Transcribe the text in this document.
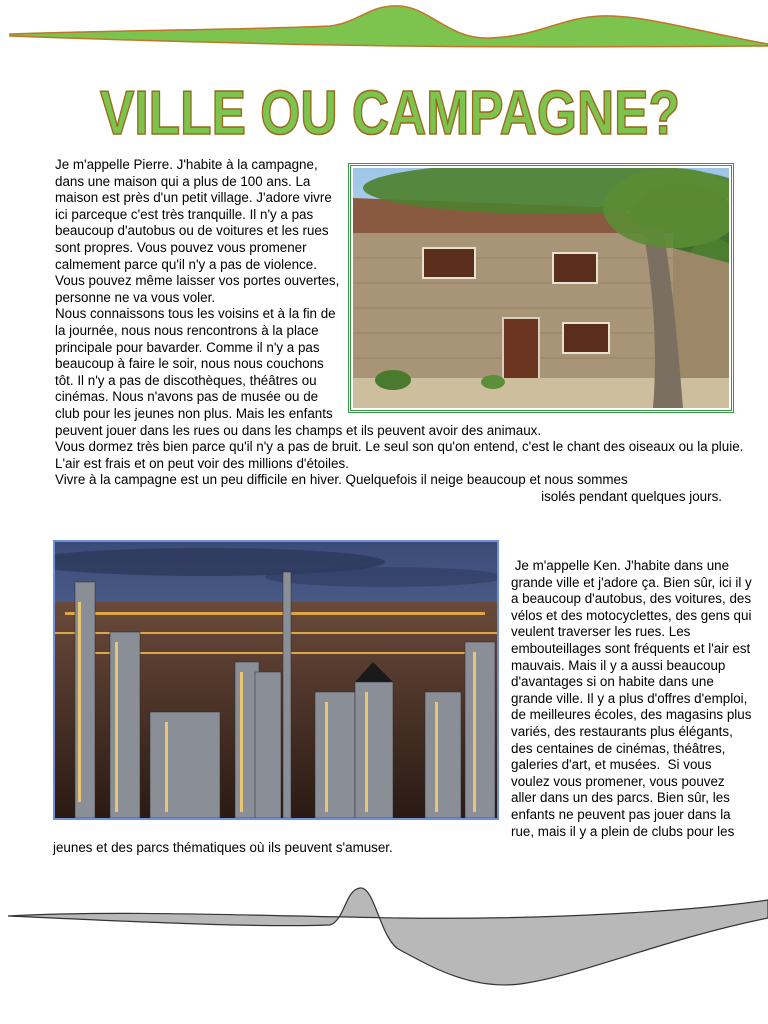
VILLE OU CAMPAGNE?

Je m'appelle Pierre. J'habite à la campagne, dans une maison qui a plus de 100 ans. La maison est près d'un petit village. J'adore vivre ici parceque c'est très tranquille. Il n'y a pas beaucoup d'autobus ou de voitures et les rues sont propres. Vous pouvez vous promener calmement parce qu'il n'y a pas de violence. Vous pouvez même laisser vos portes ouvertes, personne ne va vous voler.

Nous connaissons tous les voisins et à la fin de la journée, nous nous rencontrons à la place principale pour bavarder. Comme il n'y a pas beaucoup à faire le soir, nous nous couchons tôt. Il n'y a pas de discothèques, théâtres ou cinémas. Nous n'avons pas de musée ou de club pour les jeunes non plus. Mais les enfants peuvent jouer dans les rues ou dans les champs et ils peuvent avoir des animaux.

Vous dormez très bien parce qu'il n'y a pas de bruit. Le seul son qu'on entend, c'est le chant des oiseaux ou la pluie. L'air est frais et on peut voir des millions d'étoiles.

Vivre à la campagne est un peu difficile en hiver. Quelquefois il neige beaucoup et nous sommes

isolés pendant quelques jours.

Je m'appelle Ken. J'habite dans une grande ville et j'adore ça. Bien sûr, ici il y a beaucoup d'autobus, des voitures, des vélos et des motocyclettes, des gens qui veulent traverser les rues. Les embouteillages sont fréquents et l'air est mauvais. Mais il y a aussi beaucoup d'avantages si on habite dans une grande ville. Il y a plus d'offres d'emploi, de meilleures écoles, des magasins plus variés, des restaurants plus élégants, des centaines de cinémas, théâtres, galeries d'art, et musées.  Si vous voulez vous promener, vous pouvez aller dans un des parcs. Bien sûr, les enfants ne peuvent pas jouer dans la rue, mais il y a plein de clubs pour les jeunes et des parcs thématiques où ils peuvent s'amuser.
